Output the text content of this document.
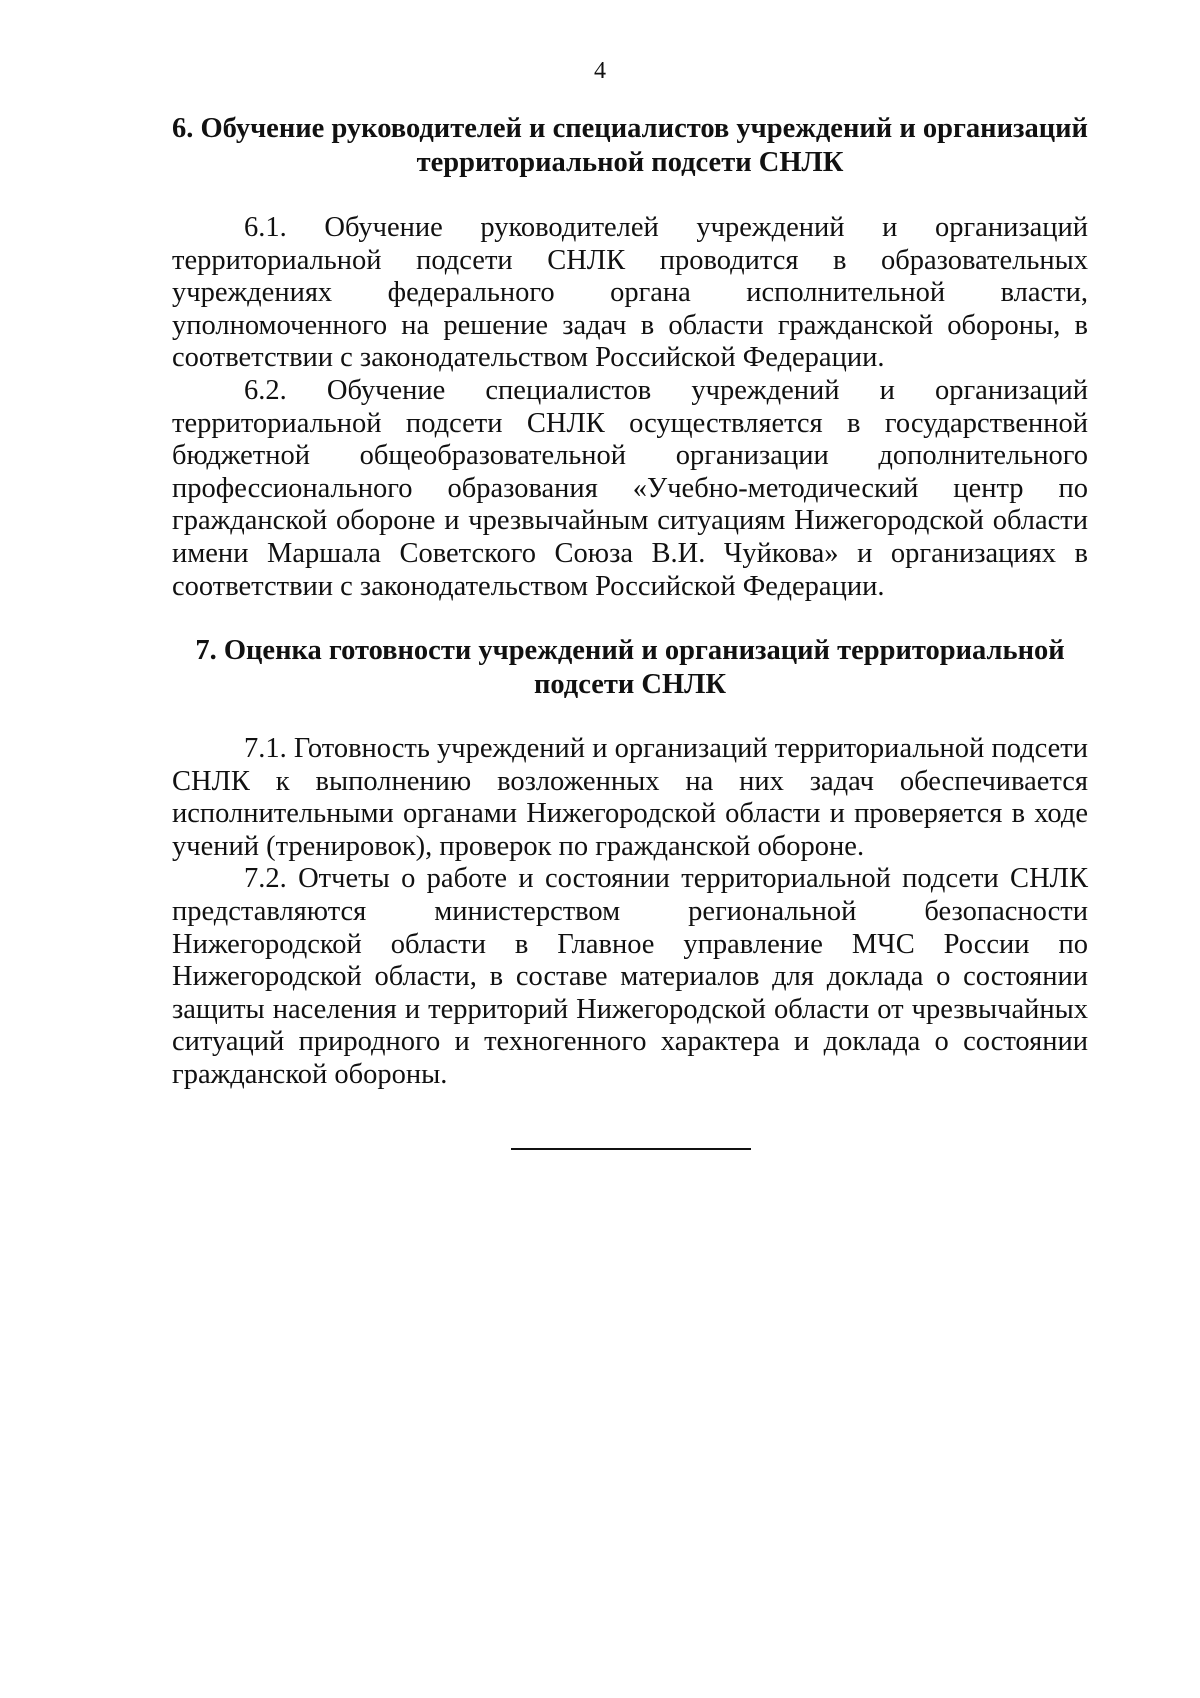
4
6. Обучение руководителей и специалистов учреждений и организаций
территориальной подсети СНЛК

6.1. Обучение руководителей учреждений и организаций территориальной подсети СНЛК проводится в образовательных учреждениях федерального органа исполнительной власти, уполномоченного на решение задач в области гражданской обороны, в соответствии с законодательством Российской Федерации.

6.2. Обучение специалистов учреждений и организаций территориальной подсети СНЛК осуществляется в государственной бюджетной общеобразовательной организации дополнительного профессионального образования «Учебно-методический центр по гражданской обороне и чрезвычайным ситуациям Нижегородской области имени Маршала Советского Союза В.И. Чуйкова» и организациях в соответствии с законодательством Российской Федерации.

7. Оценка готовности учреждений и организаций территориальной
подсети СНЛК

7.1. Готовность учреждений и организаций территориальной подсети СНЛК к выполнению возложенных на них задач обеспечивается исполнительными органами Нижегородской области и проверяется в ходе учений (тренировок), проверок по гражданской обороне.

7.2. Отчеты о работе и состоянии территориальной подсети СНЛК представляются министерством региональной безопасности Нижегородской области в Главное управление МЧС России по Нижегородской области, в составе материалов для доклада о состоянии защиты населения и территорий Нижегородской области от чрезвычайных ситуаций природного и техногенного характера и доклада о состоянии гражданской обороны.
